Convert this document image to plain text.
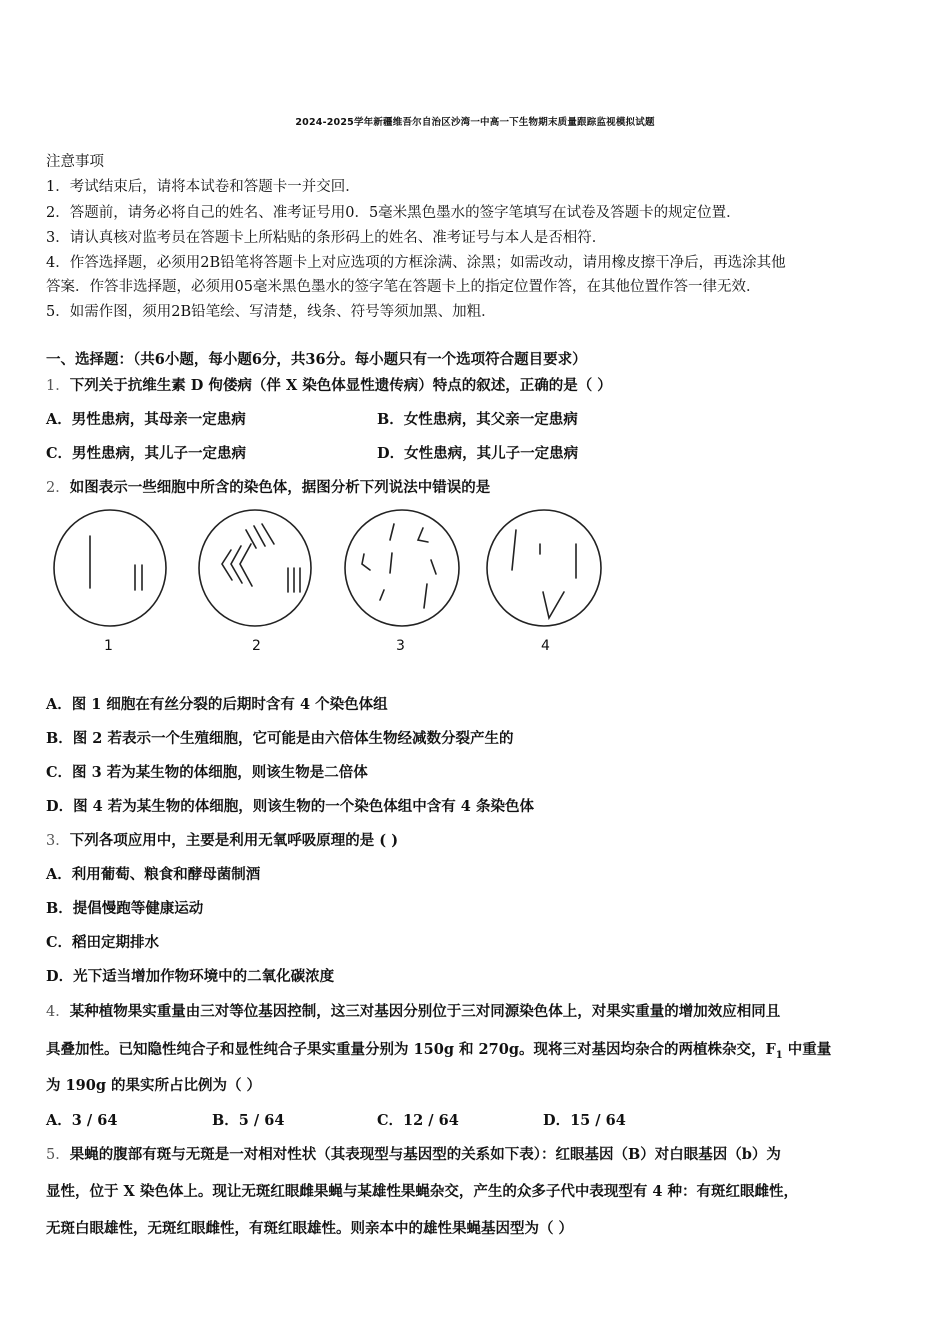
2024-2025学年新疆维吾尔自治区沙湾一中高一下生物期末质量跟踪监视模拟试题
注意事项
1．考试结束后，请将本试卷和答题卡一并交回．
2．答题前，请务必将自己的姓名、准考证号用0．5毫米黑色墨水的签字笔填写在试卷及答题卡的规定位置．
3．请认真核对监考员在答题卡上所粘贴的条形码上的姓名、准考证号与本人是否相符．
4．作答选择题，必须用2B铅笔将答题卡上对应选项的方框涂满、涂黑；如需改动，请用橡皮擦干净后，再选涂其他
答案．作答非选择题，必须用05毫米黑色墨水的签字笔在答题卡上的指定位置作答，在其他位置作答一律无效．
5．如需作图，须用2B铅笔绘、写清楚，线条、符号等须加黑、加粗．
一、选择题：（共6小题，每小题6分，共36分。每小题只有一个选项符合题目要求）
1．下列关于抗维生素 D 佝偻病（伴 X 染色体显性遗传病）特点的叙述，正确的是（ ）
A．男性患病，其母亲一定患病	B．女性患病，其父亲一定患病
C．男性患病，其儿子一定患病	D．女性患病，其儿子一定患病
2．如图表示一些细胞中所含的染色体，据图分析下列说法中错误的是
1	2	3	4
A．图 1 细胞在有丝分裂的后期时含有 4 个染色体组
B．图 2 若表示一个生殖细胞，它可能是由六倍体生物经减数分裂产生的
C．图 3 若为某生物的体细胞，则该生物是二倍体
D．图 4 若为某生物的体细胞，则该生物的一个染色体组中含有 4 条染色体
3．下列各项应用中，主要是利用无氧呼吸原理的是 ( )
A．利用葡萄、粮食和酵母菌制酒
B．提倡慢跑等健康运动
C．稻田定期排水
D．光下适当增加作物环境中的二氧化碳浓度
4．某种植物果实重量由三对等位基因控制，这三对基因分别位于三对同源染色体上，对果实重量的增加效应相同且
具叠加性。已知隐性纯合子和显性纯合子果实重量分别为 150g 和 270g。现将三对基因均杂合的两植株杂交，$F_1$ 中重量
为 190g 的果实所占比例为（ ）
A．3 / 64	B．5 / 64	C．12 / 64	D．15 / 64
5．果蝇的腹部有斑与无斑是一对相对性状（其表现型与基因型的关系如下表）：红眼基因（B）对白眼基因（b）为
显性，位于 X 染色体上。现让无斑红眼雌果蝇与某雄性果蝇杂交，产生的众多子代中表现型有 4 种：有斑红眼雌性，
无斑白眼雄性，无斑红眼雌性，有斑红眼雄性。则亲本中的雄性果蝇基因型为（ ）
